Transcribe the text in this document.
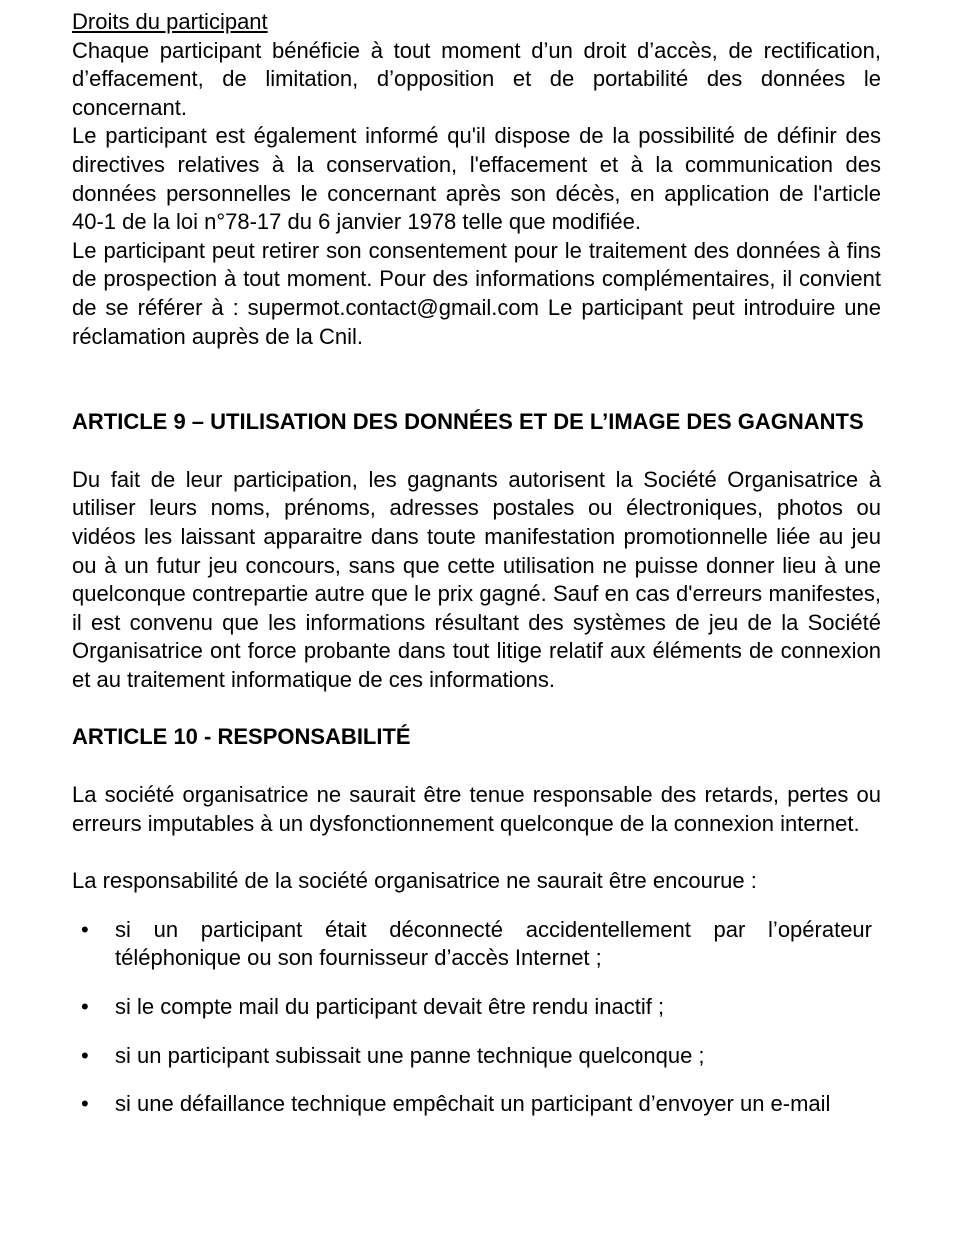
Droits du participant

Chaque participant bénéficie à tout moment d’un droit d’accès, de rectification, d’effacement, de limitation, d’opposition et de portabilité des données le concernant.

Le participant est également informé qu'il dispose de la possibilité de définir des directives relatives à la conservation, l'effacement et à la communication des données personnelles le concernant après son décès, en application de l'article 40-1 de la loi n°78-17 du 6 janvier 1978 telle que modifiée.

Le participant peut retirer son consentement pour le traitement des données à fins de prospection à tout moment. Pour des informations complémentaires, il convient de se référer à : supermot.contact@gmail.com Le participant peut introduire une réclamation auprès de la Cnil.

ARTICLE 9 – UTILISATION DES DONNÉES ET DE L’IMAGE DES GAGNANTS

Du fait de leur participation, les gagnants autorisent la Société Organisatrice à utiliser leurs noms, prénoms, adresses postales ou électroniques, photos ou vidéos les laissant apparaitre dans toute manifestation promotionnelle liée au jeu ou à un futur jeu concours, sans que cette utilisation ne puisse donner lieu à une quelconque contrepartie autre que le prix gagné. Sauf en cas d'erreurs manifestes, il est convenu que les informations résultant des systèmes de jeu de la Société Organisatrice ont force probante dans tout litige relatif aux éléments de connexion et au traitement informatique de ces informations.

ARTICLE 10 - RESPONSABILITÉ

La société organisatrice ne saurait être tenue responsable des retards, pertes ou erreurs imputables à un dysfonctionnement quelconque de la connexion internet.

La responsabilité de la société organisatrice ne saurait être encourue :

• si un participant était déconnecté accidentellement par l’opérateur téléphonique ou son fournisseur d’accès Internet ;
• si le compte mail du participant devait être rendu inactif ;
• si un participant subissait une panne technique quelconque ;
• si une défaillance technique empêchait un participant d’envoyer un e-mail
